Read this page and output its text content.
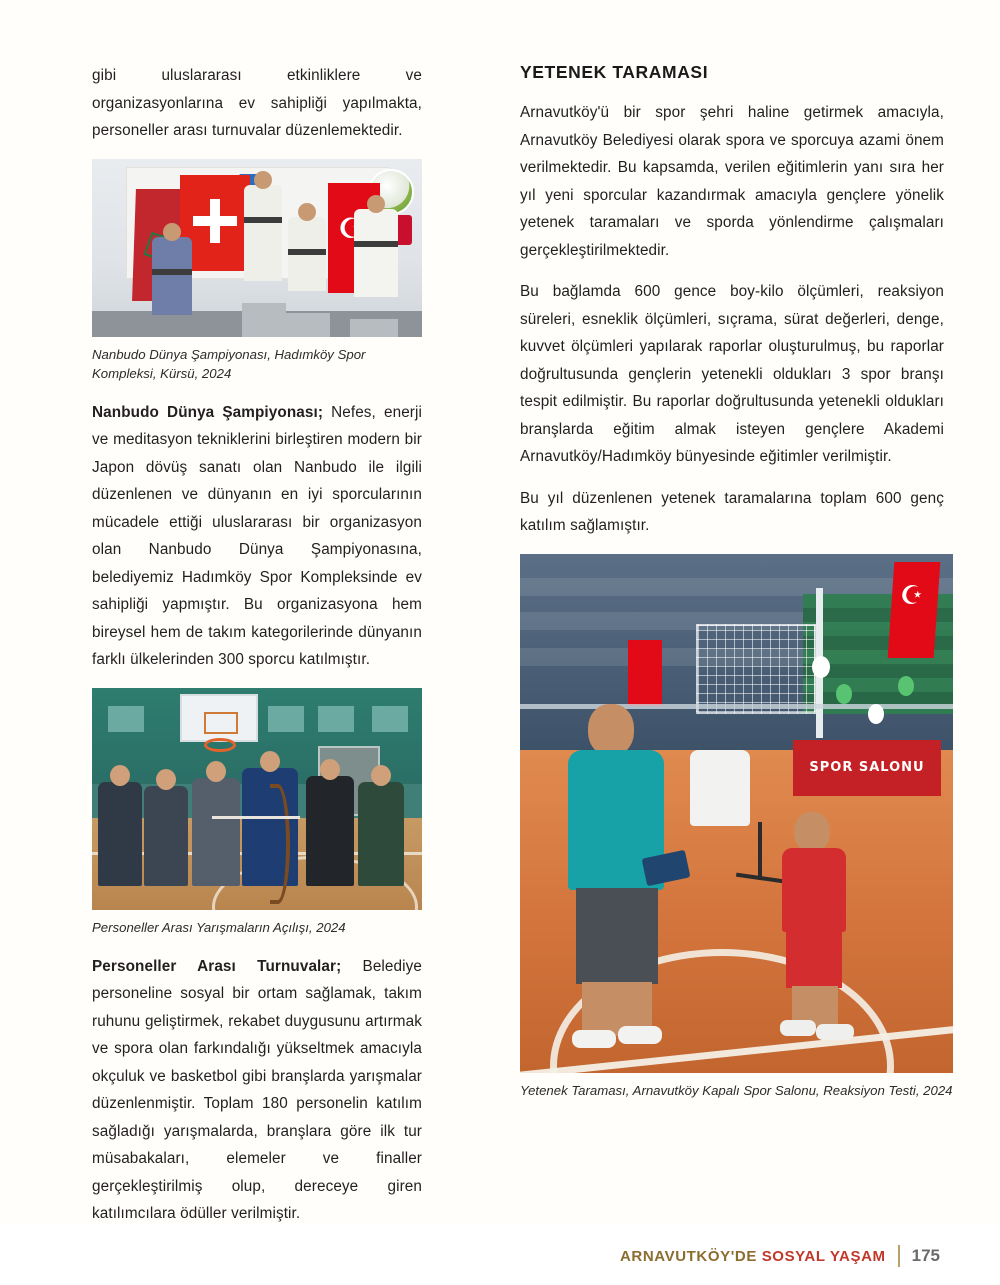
gibi uluslararası etkinliklere ve organizasyonlarına ev sahipliği yapılmakta, personeller arası turnuvalar düzenlemektedir.

☪
Nanbudo Dünya Şampiyonası, Hadımköy Spor Kompleksi, Kürsü, 2024

Nanbudo Dünya Şampiyonası; Nefes, enerji ve meditasyon tekniklerini birleştiren modern bir Japon dövüş sanatı olan Nanbudo ile ilgili düzenlenen ve dünyanın en iyi sporcularının mücadele ettiği uluslararası bir organizasyon olan Nanbudo Dünya Şampiyonasına, belediyemiz Hadımköy Spor Kompleksinde ev sahipliği yapmıştır. Bu organizasyona hem bireysel hem de takım kategorilerinde dünyanın farklı ülkelerinden 300 sporcu katılmıştır.

Personeller Arası Yarışmaların Açılışı, 2024

Personeller Arası Turnuvalar; Belediye personeline sosyal bir ortam sağlamak, takım ruhunu geliştirmek, rekabet duygusunu artırmak ve spora olan farkındalığı yükseltmek amacıyla okçuluk ve basketbol gibi branşlarda yarışmalar düzenlenmiştir. Toplam 180 personelin katılım sağladığı yarışmalarda, branşlara göre ilk tur müsabakaları, elemeler ve finaller gerçekleştirilmiş olup, dereceye giren katılımcılara ödüller verilmiştir.

YETENEK TARAMASI

Arnavutköy'ü bir spor şehri haline getirmek amacıyla, Arnavutköy Belediyesi olarak spora ve sporcuya azami önem verilmektedir. Bu kapsamda, verilen eğitimlerin yanı sıra her yıl yeni sporcular kazandırmak amacıyla gençlere yönelik yetenek taramaları ve sporda yönlendirme çalışmaları gerçekleştirilmektedir.

Bu bağlamda 600 gence boy-kilo ölçümleri, reaksiyon süreleri, esneklik ölçümleri, sıçrama, sürat değerleri, denge, kuvvet ölçümleri yapılarak raporlar oluşturulmuş, bu raporlar doğrultusunda gençlerin yetenekli oldukları 3 spor branşı tespit edilmiştir. Bu raporlar doğrultusunda yetenekli oldukları branşlarda eğitim almak isteyen gençlere Akademi Arnavutköy/Hadımköy bünyesinde eğitimler verilmiştir.

Bu yıl düzenlenen yetenek taramalarına toplam 600 genç katılım sağlamıştır.

☪
SPOR SALONU
Yetenek Taraması, Arnavutköy Kapalı Spor Salonu, Reaksiyon Testi, 2024
ARNAVUTKÖY'DE SOSYAL YAŞAM 175
